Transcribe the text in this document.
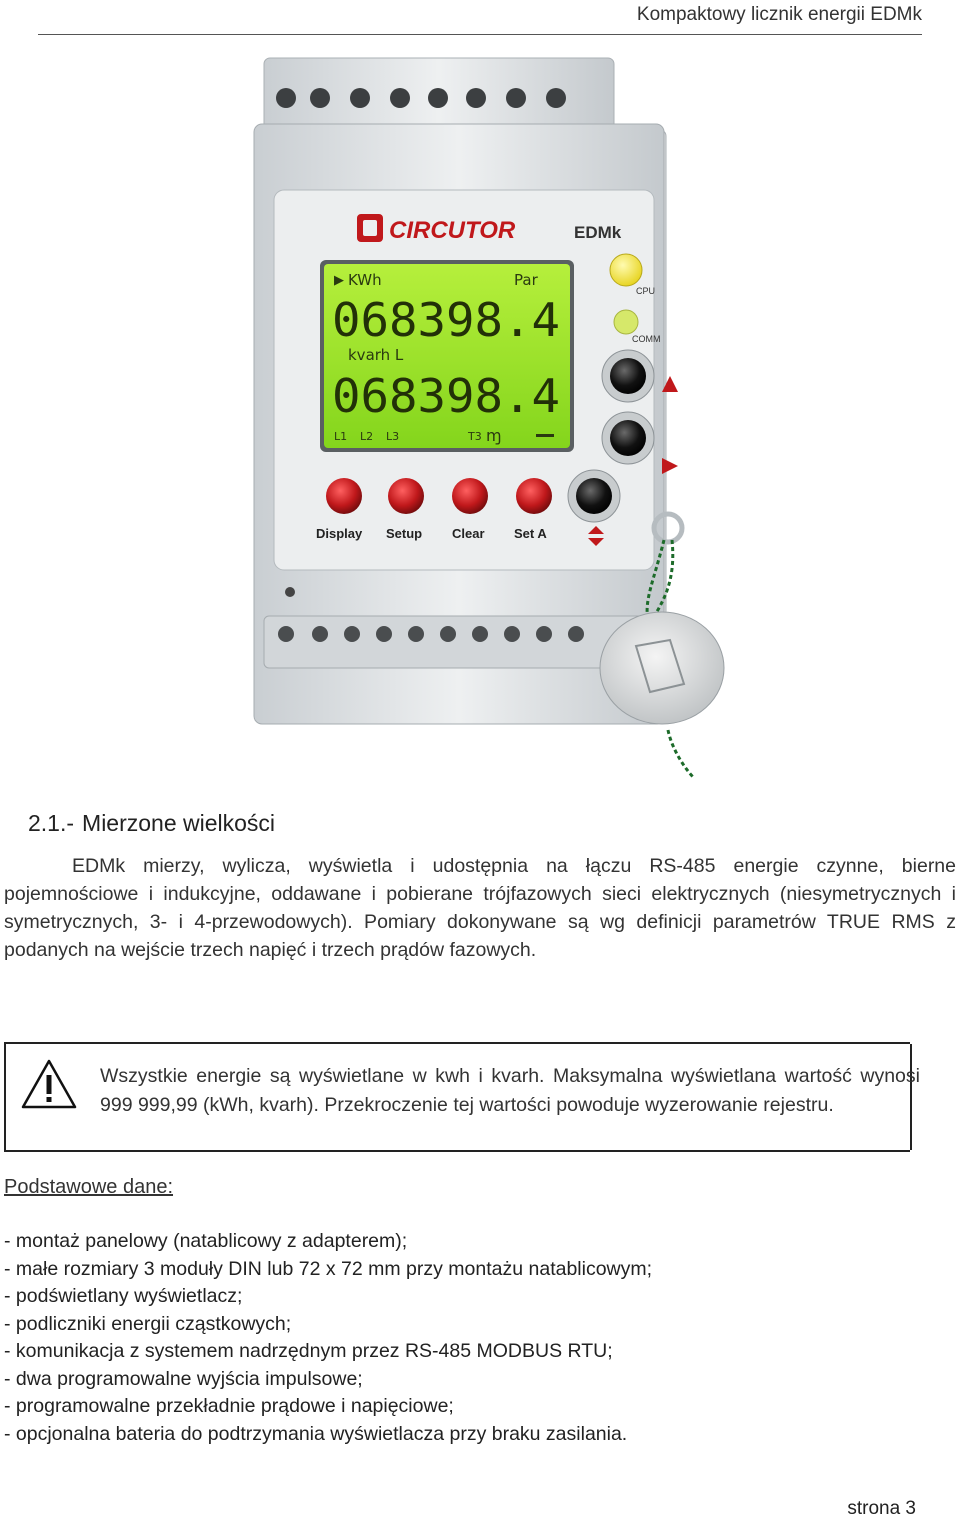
Kompaktowy licznik energii EDMk
CIRCUTOR	EDMk
▶ KWh	Par
068398.4
kvarh L
068398.4
L1 L2 L3	T3 ɱ
CPU
COMM
Display Setup Clear Set A
2.1.- Mierzone wielkości
EDMk mierzy, wylicza, wyświetla i udostępnia na łączu RS-485 energie czynne, bierne pojemnościowe i indukcyjne, oddawane i pobierane trójfazowych sieci elektrycznych (niesymetrycznych i symetrycznych, 3- i 4-przewodowych). Pomiary dokonywane są wg definicji parametrów TRUE RMS z podanych na wejście trzech napięć i trzech prądów fazowych.
Wszystkie energie są wyświetlane w kwh i kvarh. Maksymalna wyświetlana wartość wynosi 999 999,99 (kWh, kvarh). Przekroczenie tej wartości powoduje wyzerowanie rejestru.
Podstawowe dane:
- montaż panelowy (natablicowy z adapterem);
- małe rozmiary 3 moduły DIN lub 72 x 72 mm przy montażu natablicowym;
- podświetlany wyświetlacz;
- podliczniki energii cząstkowych;
- komunikacja z systemem nadrzędnym przez RS-485 MODBUS RTU;
- dwa programowalne wyjścia impulsowe;
- programowalne przekładnie prądowe i napięciowe;
- opcjonalna bateria do podtrzymania wyświetlacza przy braku zasilania.
strona 3
